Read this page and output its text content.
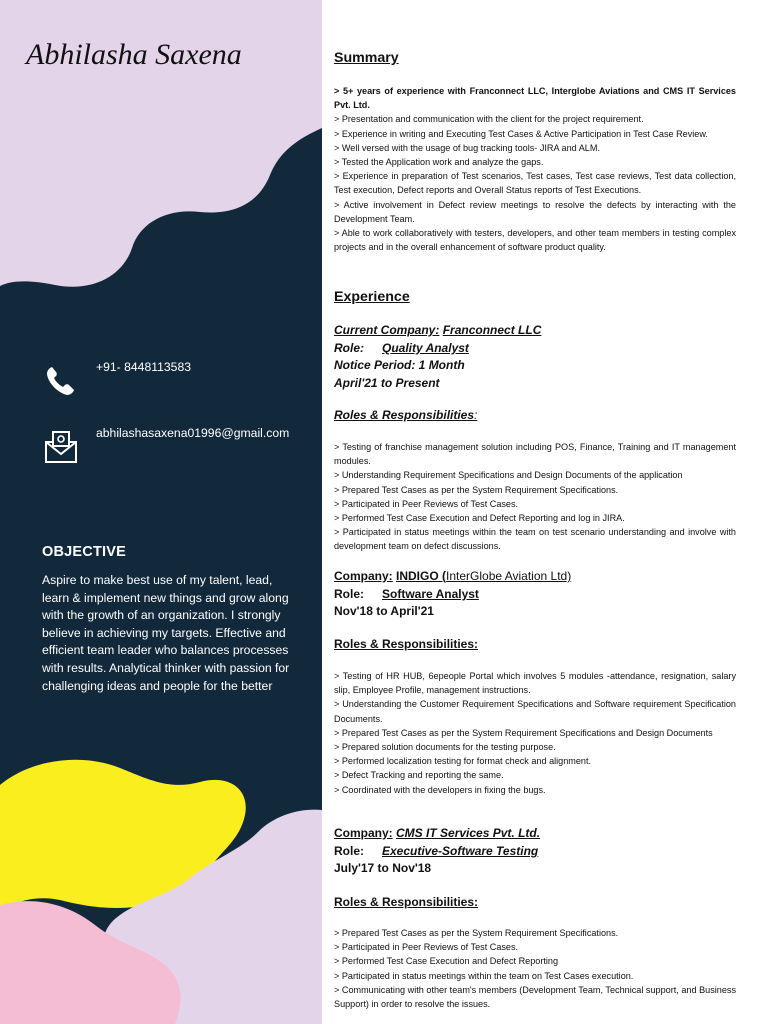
Abhilasha Saxena
+91- 8448113583
abhilashasaxena01996@gmail.com
OBJECTIVE

Aspire to make best use of my talent, lead, learn & implement new things and grow along with the growth of an organization. I strongly believe in achieving my targets. Effective and efficient team leader who balances processes with results. Analytical thinker with passion for challenging ideas and people for the better

Summary

> 5+ years of experience with Franconnect LLC, Interglobe Aviations and CMS IT Services Pvt. Ltd.

> Presentation and communication with the client for the project requirement.

> Experience in writing and Executing Test Cases & Active Participation in Test Case Review.

> Well versed with the usage of bug tracking tools- JIRA and ALM.

> Tested the Application work and analyze the gaps.

> Experience in preparation of Test scenarios, Test cases, Test case reviews, Test data collection, Test execution, Defect reports and Overall Status reports of Test Executions.

> Active involvement in Defect review meetings to resolve the defects by interacting with the Development Team.

> Able to work collaboratively with testers, developers, and other team members in testing complex projects and in the overall enhancement of software product quality.

Experience

Current Company: Franconnect LLC

Role: Quality Analyst

Notice Period: 1 Month

April'21 to Present

Roles & Responsibilities:

> Testing of franchise management solution including POS, Finance, Training and IT management modules.

> Understanding Requirement Specifications and Design Documents of the application

> Prepared Test Cases as per the System Requirement Specifications.

> Participated in Peer Reviews of Test Cases.

> Performed Test Case Execution and Defect Reporting and log in JIRA.

> Participated in status meetings within the team on test scenario understanding and involve with development team on defect discussions.

Company: INDIGO (InterGlobe Aviation Ltd)

Role: Software Analyst

Nov'18 to April'21

Roles & Responsibilities:

> Testing of HR HUB, 6epeople Portal which involves 5 modules -attendance, resignation, salary slip, Employee Profile, management instructions.

> Understanding the Customer Requirement Specifications and Software requirement Specification Documents.

> Prepared Test Cases as per the System Requirement Specifications and Design Documents

> Prepared solution documents for the testing purpose.

> Performed localization testing for format check and alignment.

> Defect Tracking and reporting the same.

> Coordinated with the developers in fixing the bugs.

Company: CMS IT Services Pvt. Ltd.

Role: Executive-Software Testing

July'17 to Nov'18

Roles & Responsibilities:

> Prepared Test Cases as per the System Requirement Specifications.

> Participated in Peer Reviews of Test Cases.

> Performed Test Case Execution and Defect Reporting

> Participated in status meetings within the team on Test Cases execution.

> Communicating with other team's members (Development Team, Technical support, and Business Support) in order to resolve the issues.
